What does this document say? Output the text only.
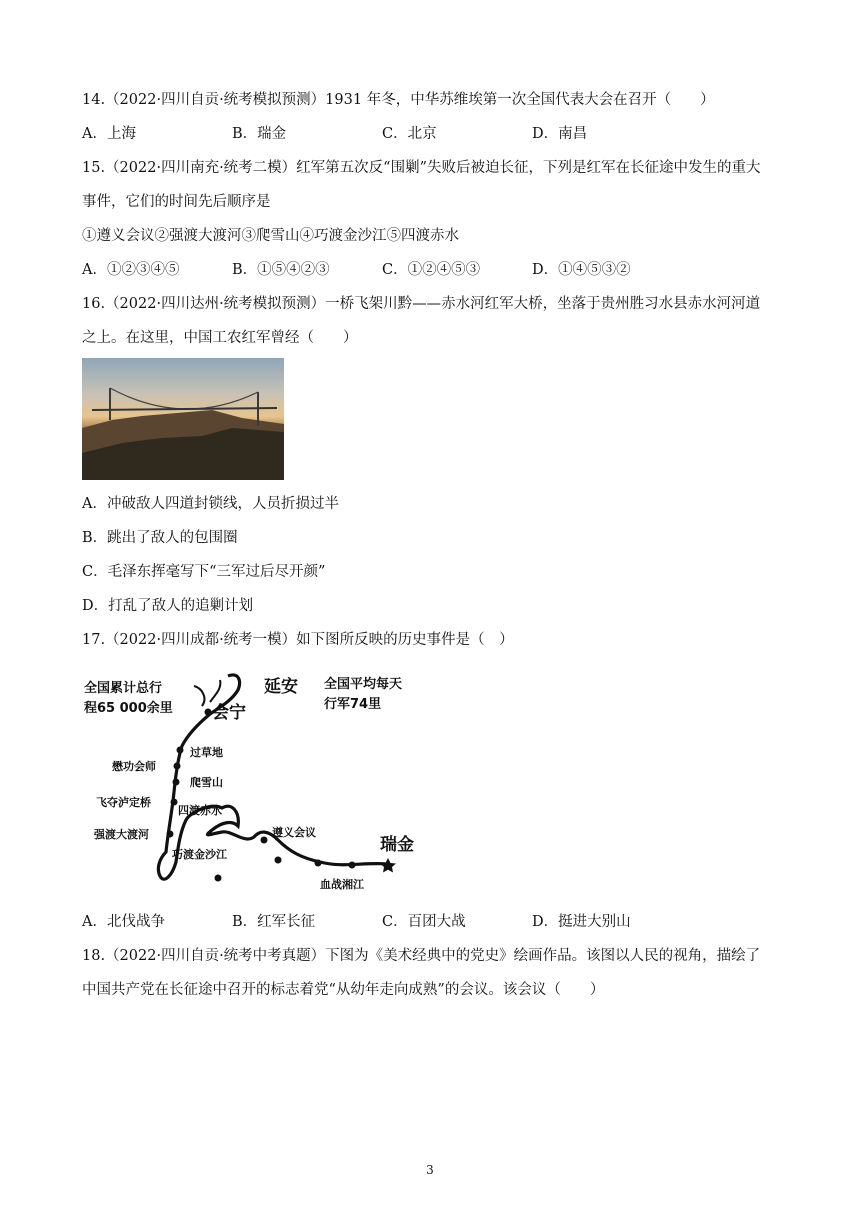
14.（2022·四川自贡·统考模拟预测）1931 年冬，中华苏维埃第一次全国代表大会在召开（　　）
A．上海	B．瑞金	C．北京	D．南昌
15.（2022·四川南充·统考二模）红军第五次反“围剿”失败后被迫长征，下列是红军在长征途中发生的重大
事件，它们的时间先后顺序是
①遵义会议②强渡大渡河③爬雪山④巧渡金沙江⑤四渡赤水
A．①②③④⑤	B．①⑤④②③	C．①②④⑤③	D．①④⑤③②
16.（2022·四川达州·统考模拟预测）一桥飞架川黔——赤水河红军大桥，坐落于贵州胜习水县赤水河河道
之上。在这里，中国工农红军曾经（　　）
A．冲破敌人四道封锁线，人员折损过半
B．跳出了敌人的包围圈
C．毛泽东挥毫写下“三军过后尽开颜”
D．打乱了敌人的追剿计划
17.（2022·四川成都·统考一模）如下图所反映的历史事件是（　）
全国累计总行
程65 000余里
全国平均每天
行军74里
延安
会宁
过草地
懋功会师
爬雪山
飞夺泸定桥
四渡赤水
强渡大渡河	遵义会议
巧渡金沙江	瑞金
血战湘江
A．北伐战争	B．红军长征	C．百团大战	D．挺进大别山
18.（2022·四川自贡·统考中考真题）下图为《美术经典中的党史》绘画作品。该图以人民的视角，描绘了
中国共产党在长征途中召开的标志着党“从幼年走向成熟”的会议。该会议（　　）
3
